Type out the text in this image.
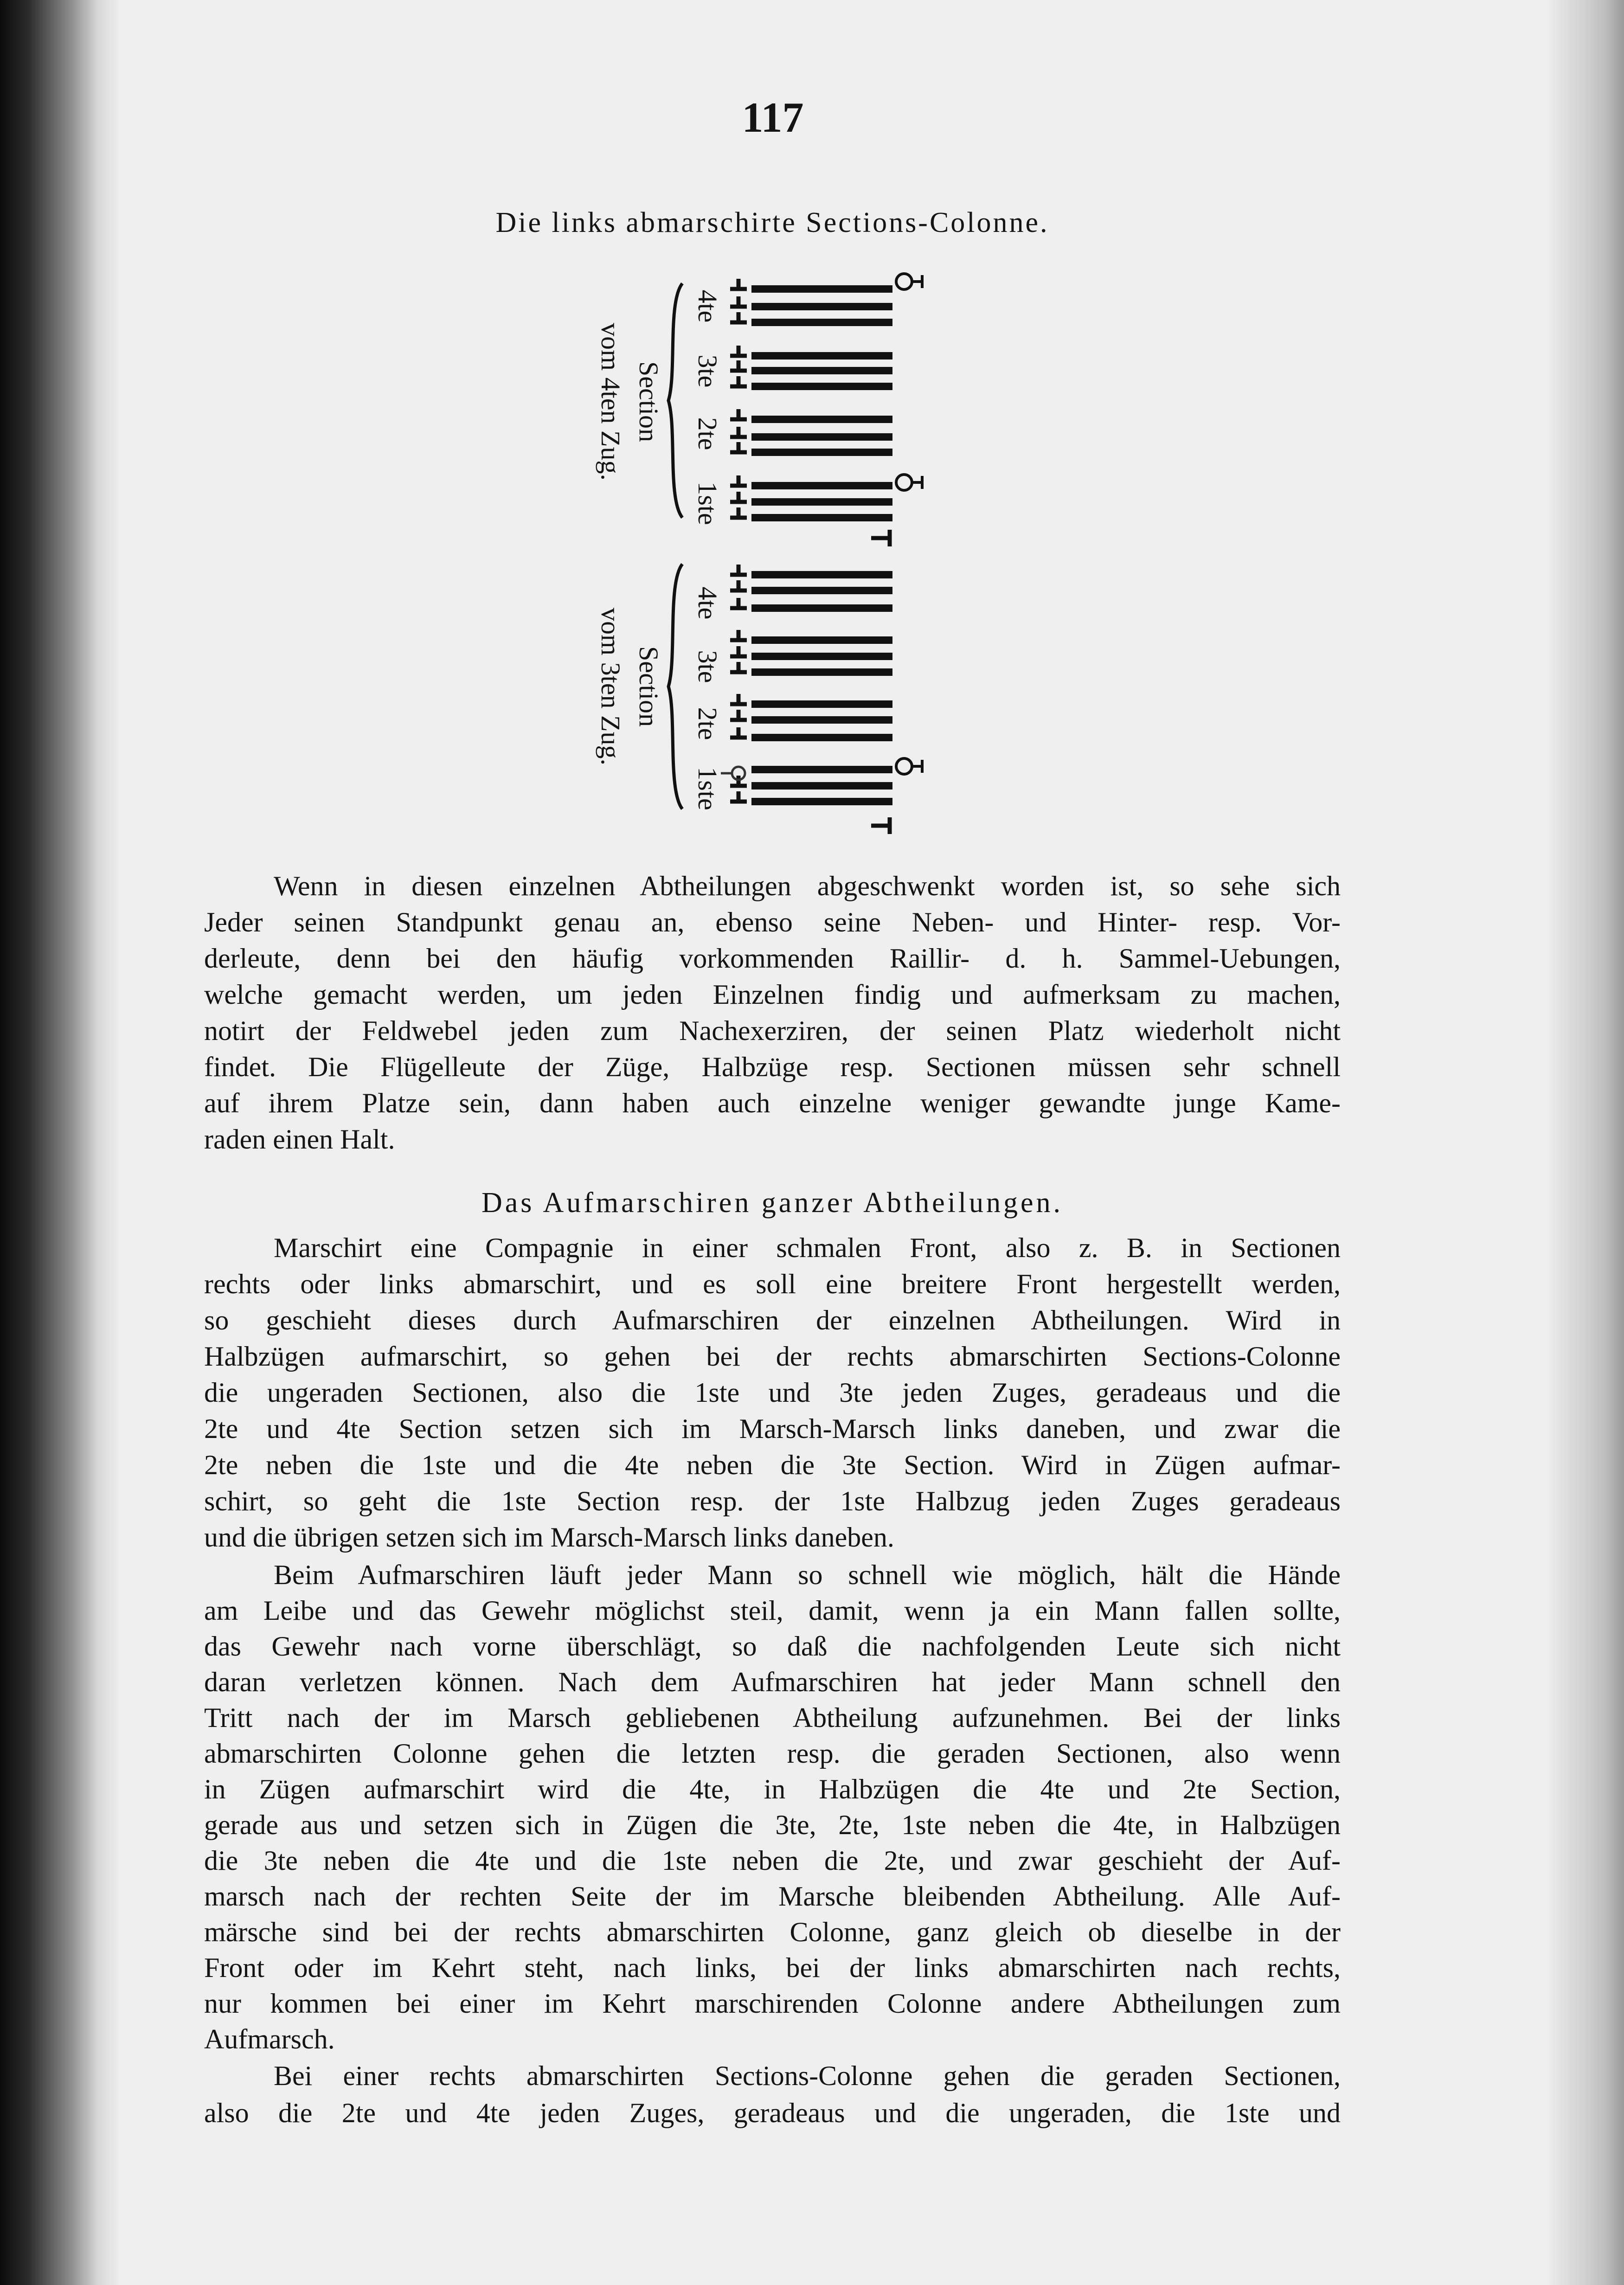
117
Die links abmarschirte Sections-Colonne.
4te
3te
2te
1ste
Section
vom 4ten Zug.
4te
3te
2te
1ste
Section
vom 3ten Zug.
Das Aufmarschiren ganzer Abtheilungen.
Wenn in diesen einzelnen Abtheilungen abgeschwenkt worden ist, so sehe sich
Jeder seinen Standpunkt genau an, ebenso seine Neben- und Hinter- resp. Vor-
derleute, denn bei den häufig vorkommenden Raillir- d. h. Sammel-Uebungen,
welche gemacht werden, um jeden Einzelnen findig und aufmerksam zu machen,
notirt der Feldwebel jeden zum Nachexerziren, der seinen Platz wiederholt nicht
findet. Die Flügelleute der Züge, Halbzüge resp. Sectionen müssen sehr schnell
auf ihrem Platze sein, dann haben auch einzelne weniger gewandte junge Kame-
raden einen Halt.
Marschirt eine Compagnie in einer schmalen Front, also z. B. in Sectionen
rechts oder links abmarschirt, und es soll eine breitere Front hergestellt werden,
so geschieht dieses durch Aufmarschiren der einzelnen Abtheilungen. Wird in
Halbzügen aufmarschirt, so gehen bei der rechts abmarschirten Sections-Colonne
die ungeraden Sectionen, also die 1ste und 3te jeden Zuges, geradeaus und die
2te und 4te Section setzen sich im Marsch-Marsch links daneben, und zwar die
2te neben die 1ste und die 4te neben die 3te Section. Wird in Zügen aufmar-
schirt, so geht die 1ste Section resp. der 1ste Halbzug jeden Zuges geradeaus
und die übrigen setzen sich im Marsch-Marsch links daneben.
Beim Aufmarschiren läuft jeder Mann so schnell wie möglich, hält die Hände
am Leibe und das Gewehr möglichst steil, damit, wenn ja ein Mann fallen sollte,
das Gewehr nach vorne überschlägt, so daß die nachfolgenden Leute sich nicht
daran verletzen können. Nach dem Aufmarschiren hat jeder Mann schnell den
Tritt nach der im Marsch gebliebenen Abtheilung aufzunehmen. Bei der links
abmarschirten Colonne gehen die letzten resp. die geraden Sectionen, also wenn
in Zügen aufmarschirt wird die 4te, in Halbzügen die 4te und 2te Section,
gerade aus und setzen sich in Zügen die 3te, 2te, 1ste neben die 4te, in Halbzügen
die 3te neben die 4te und die 1ste neben die 2te, und zwar geschieht der Auf-
marsch nach der rechten Seite der im Marsche bleibenden Abtheilung. Alle Auf-
märsche sind bei der rechts abmarschirten Colonne, ganz gleich ob dieselbe in der
Front oder im Kehrt steht, nach links, bei der links abmarschirten nach rechts,
nur kommen bei einer im Kehrt marschirenden Colonne andere Abtheilungen zum
Aufmarsch.
Bei einer rechts abmarschirten Sections-Colonne gehen die geraden Sectionen,
also die 2te und 4te jeden Zuges, geradeaus und die ungeraden, die 1ste und
